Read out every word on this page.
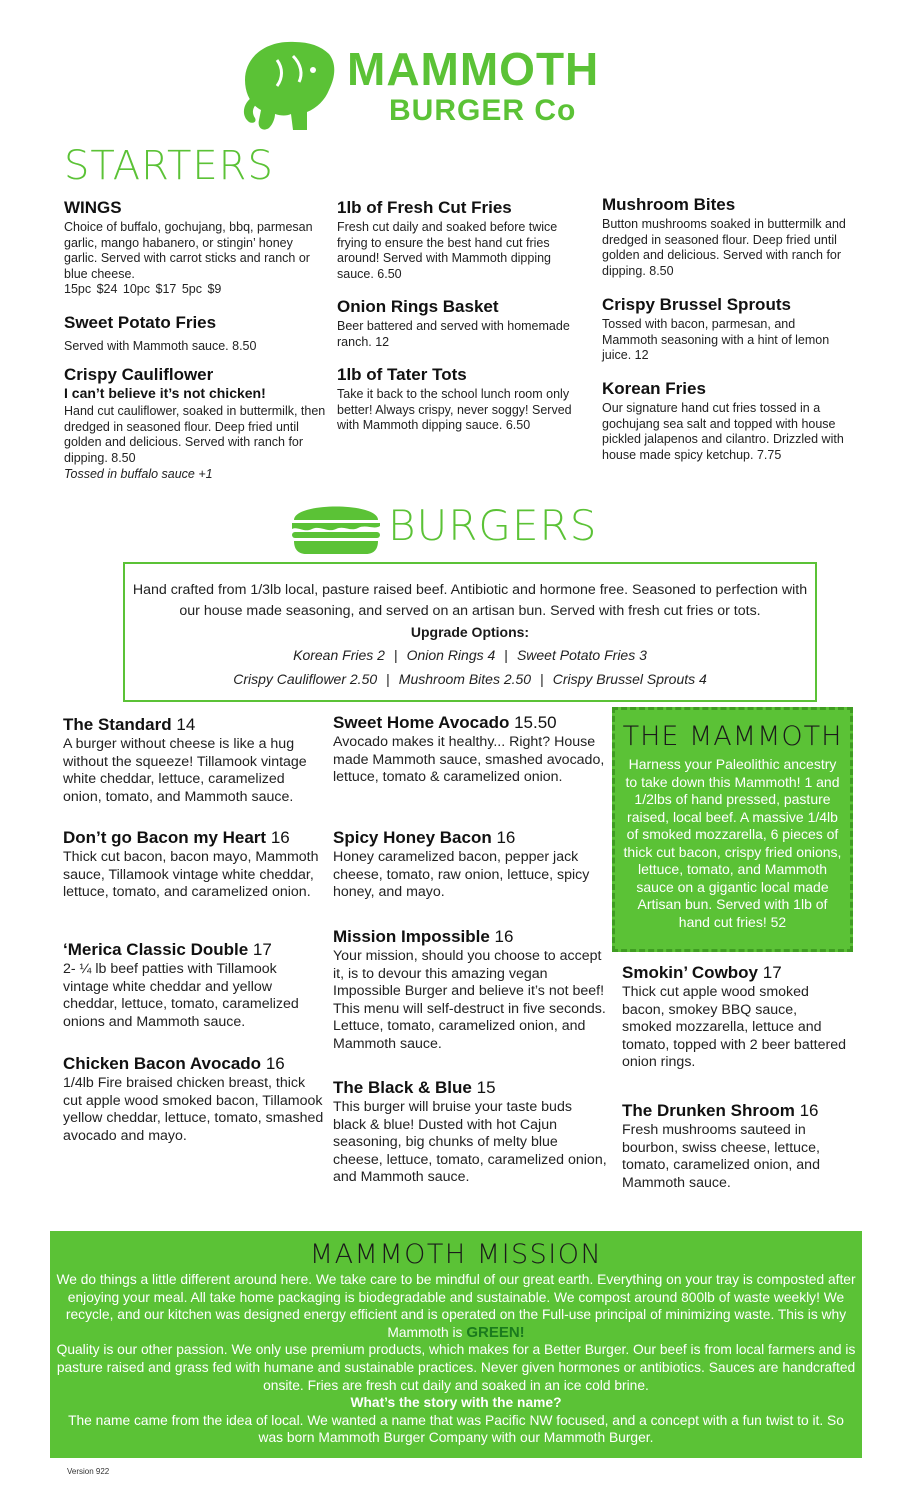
MAMMOTH
BURGER Co
STARTERS
WINGS
Choice of buffalo, gochujang, bbq, parmesan garlic, mango habanero, or stingin’ honey garlic. Served with carrot sticks and ranch or blue cheese.
15pc $24 10pc $17 5pc $9
Sweet Potato Fries
Served with Mammoth sauce. 8.50
Crispy Cauliflower
I can’t believe it’s not chicken!
Hand cut cauliflower, soaked in buttermilk, then dredged in seasoned flour. Deep fried until golden and delicious. Served with ranch for dipping. 8.50
Tossed in buffalo sauce +1
1lb of Fresh Cut Fries
Fresh cut daily and soaked before twice frying to ensure the best hand cut fries around! Served with Mammoth dipping sauce. 6.50
Onion Rings Basket
Beer battered and served with homemade ranch. 12
1lb of Tater Tots
Take it back to the school lunch room only better! Always crispy, never soggy! Served with Mammoth dipping sauce. 6.50
Mushroom Bites
Button mushrooms soaked in buttermilk and dredged in seasoned flour. Deep fried until golden and delicious. Served with ranch for dipping. 8.50
Crispy Brussel Sprouts
Tossed with bacon, parmesan, and Mammoth seasoning with a hint of lemon juice. 12
Korean Fries
Our signature hand cut fries tossed in a gochujang sea salt and topped with house pickled jalapenos and cilantro. Drizzled with house made spicy ketchup. 7.75
BURGERS
Hand crafted from 1/3lb local, pasture raised beef. Antibiotic and hormone free. Seasoned to perfection with our house made seasoning, and served on an artisan bun. Served with fresh cut fries or tots.
Upgrade Options:
Korean Fries 2 | Onion Rings 4 | Sweet Potato Fries 3
Crispy Cauliflower 2.50 | Mushroom Bites 2.50 | Crispy Brussel Sprouts 4
The Standard 14
A burger without cheese is like a hug without the squeeze! Tillamook vintage white cheddar, lettuce, caramelized onion, tomato, and Mammoth sauce.
Don’t go Bacon my Heart 16
Thick cut bacon, bacon mayo, Mammoth sauce, Tillamook vintage white cheddar, lettuce, tomato, and caramelized onion.
‘Merica Classic Double 17
2- ¼ lb beef patties with Tillamook vintage white cheddar and yellow cheddar, lettuce, tomato, caramelized onions and Mammoth sauce.
Chicken Bacon Avocado 16
1/4lb Fire braised chicken breast, thick cut apple wood smoked bacon, Tillamook yellow cheddar, lettuce, tomato, smashed avocado and mayo.
Sweet Home Avocado 15.50
Avocado makes it healthy... Right? House made Mammoth sauce, smashed avocado, lettuce, tomato & caramelized onion.
Spicy Honey Bacon 16
Honey caramelized bacon, pepper jack cheese, tomato, raw onion, lettuce, spicy honey, and mayo.
Mission Impossible 16
Your mission, should you choose to accept it, is to devour this amazing vegan Impossible Burger and believe it’s not beef! This menu will self-destruct in five seconds. Lettuce, tomato, caramelized onion, and Mammoth sauce.
The Black & Blue 15
This burger will bruise your taste buds black & blue! Dusted with hot Cajun seasoning, big chunks of melty blue cheese, lettuce, tomato, caramelized onion, and Mammoth sauce.
THE MAMMOTH
Harness your Paleolithic ancestry to take down this Mammoth! 1 and 1/2lbs of hand pressed, pasture raised, local beef. A massive 1/4lb of smoked mozzarella, 6 pieces of thick cut bacon, crispy fried onions, lettuce, tomato, and Mammoth sauce on a gigantic local made Artisan bun. Served with 1lb of hand cut fries! 52
Smokin’ Cowboy 17
Thick cut apple wood smoked bacon, smokey BBQ sauce, smoked mozzarella, lettuce and tomato, topped with 2 beer battered onion rings.
The Drunken Shroom 16
Fresh mushrooms sauteed in bourbon, swiss cheese, lettuce, tomato, caramelized onion, and Mammoth sauce.
MAMMOTH MISSION
We do things a little different around here. We take care to be mindful of our great earth. Everything on your tray is composted after enjoying your meal. All take home packaging is biodegradable and sustainable. We compost around 800lb of waste weekly! We recycle, and our kitchen was designed energy efficient and is operated on the Full-use principal of minimizing waste. This is why Mammoth is GREEN!
Quality is our other passion. We only use premium products, which makes for a Better Burger. Our beef is from local farmers and is pasture raised and grass fed with humane and sustainable practices. Never given hormones or antibiotics. Sauces are handcrafted onsite. Fries are fresh cut daily and soaked in an ice cold brine.
What’s the story with the name?
The name came from the idea of local. We wanted a name that was Pacific NW focused, and a concept with a fun twist to it. So was born Mammoth Burger Company with our Mammoth Burger.
Version 922
